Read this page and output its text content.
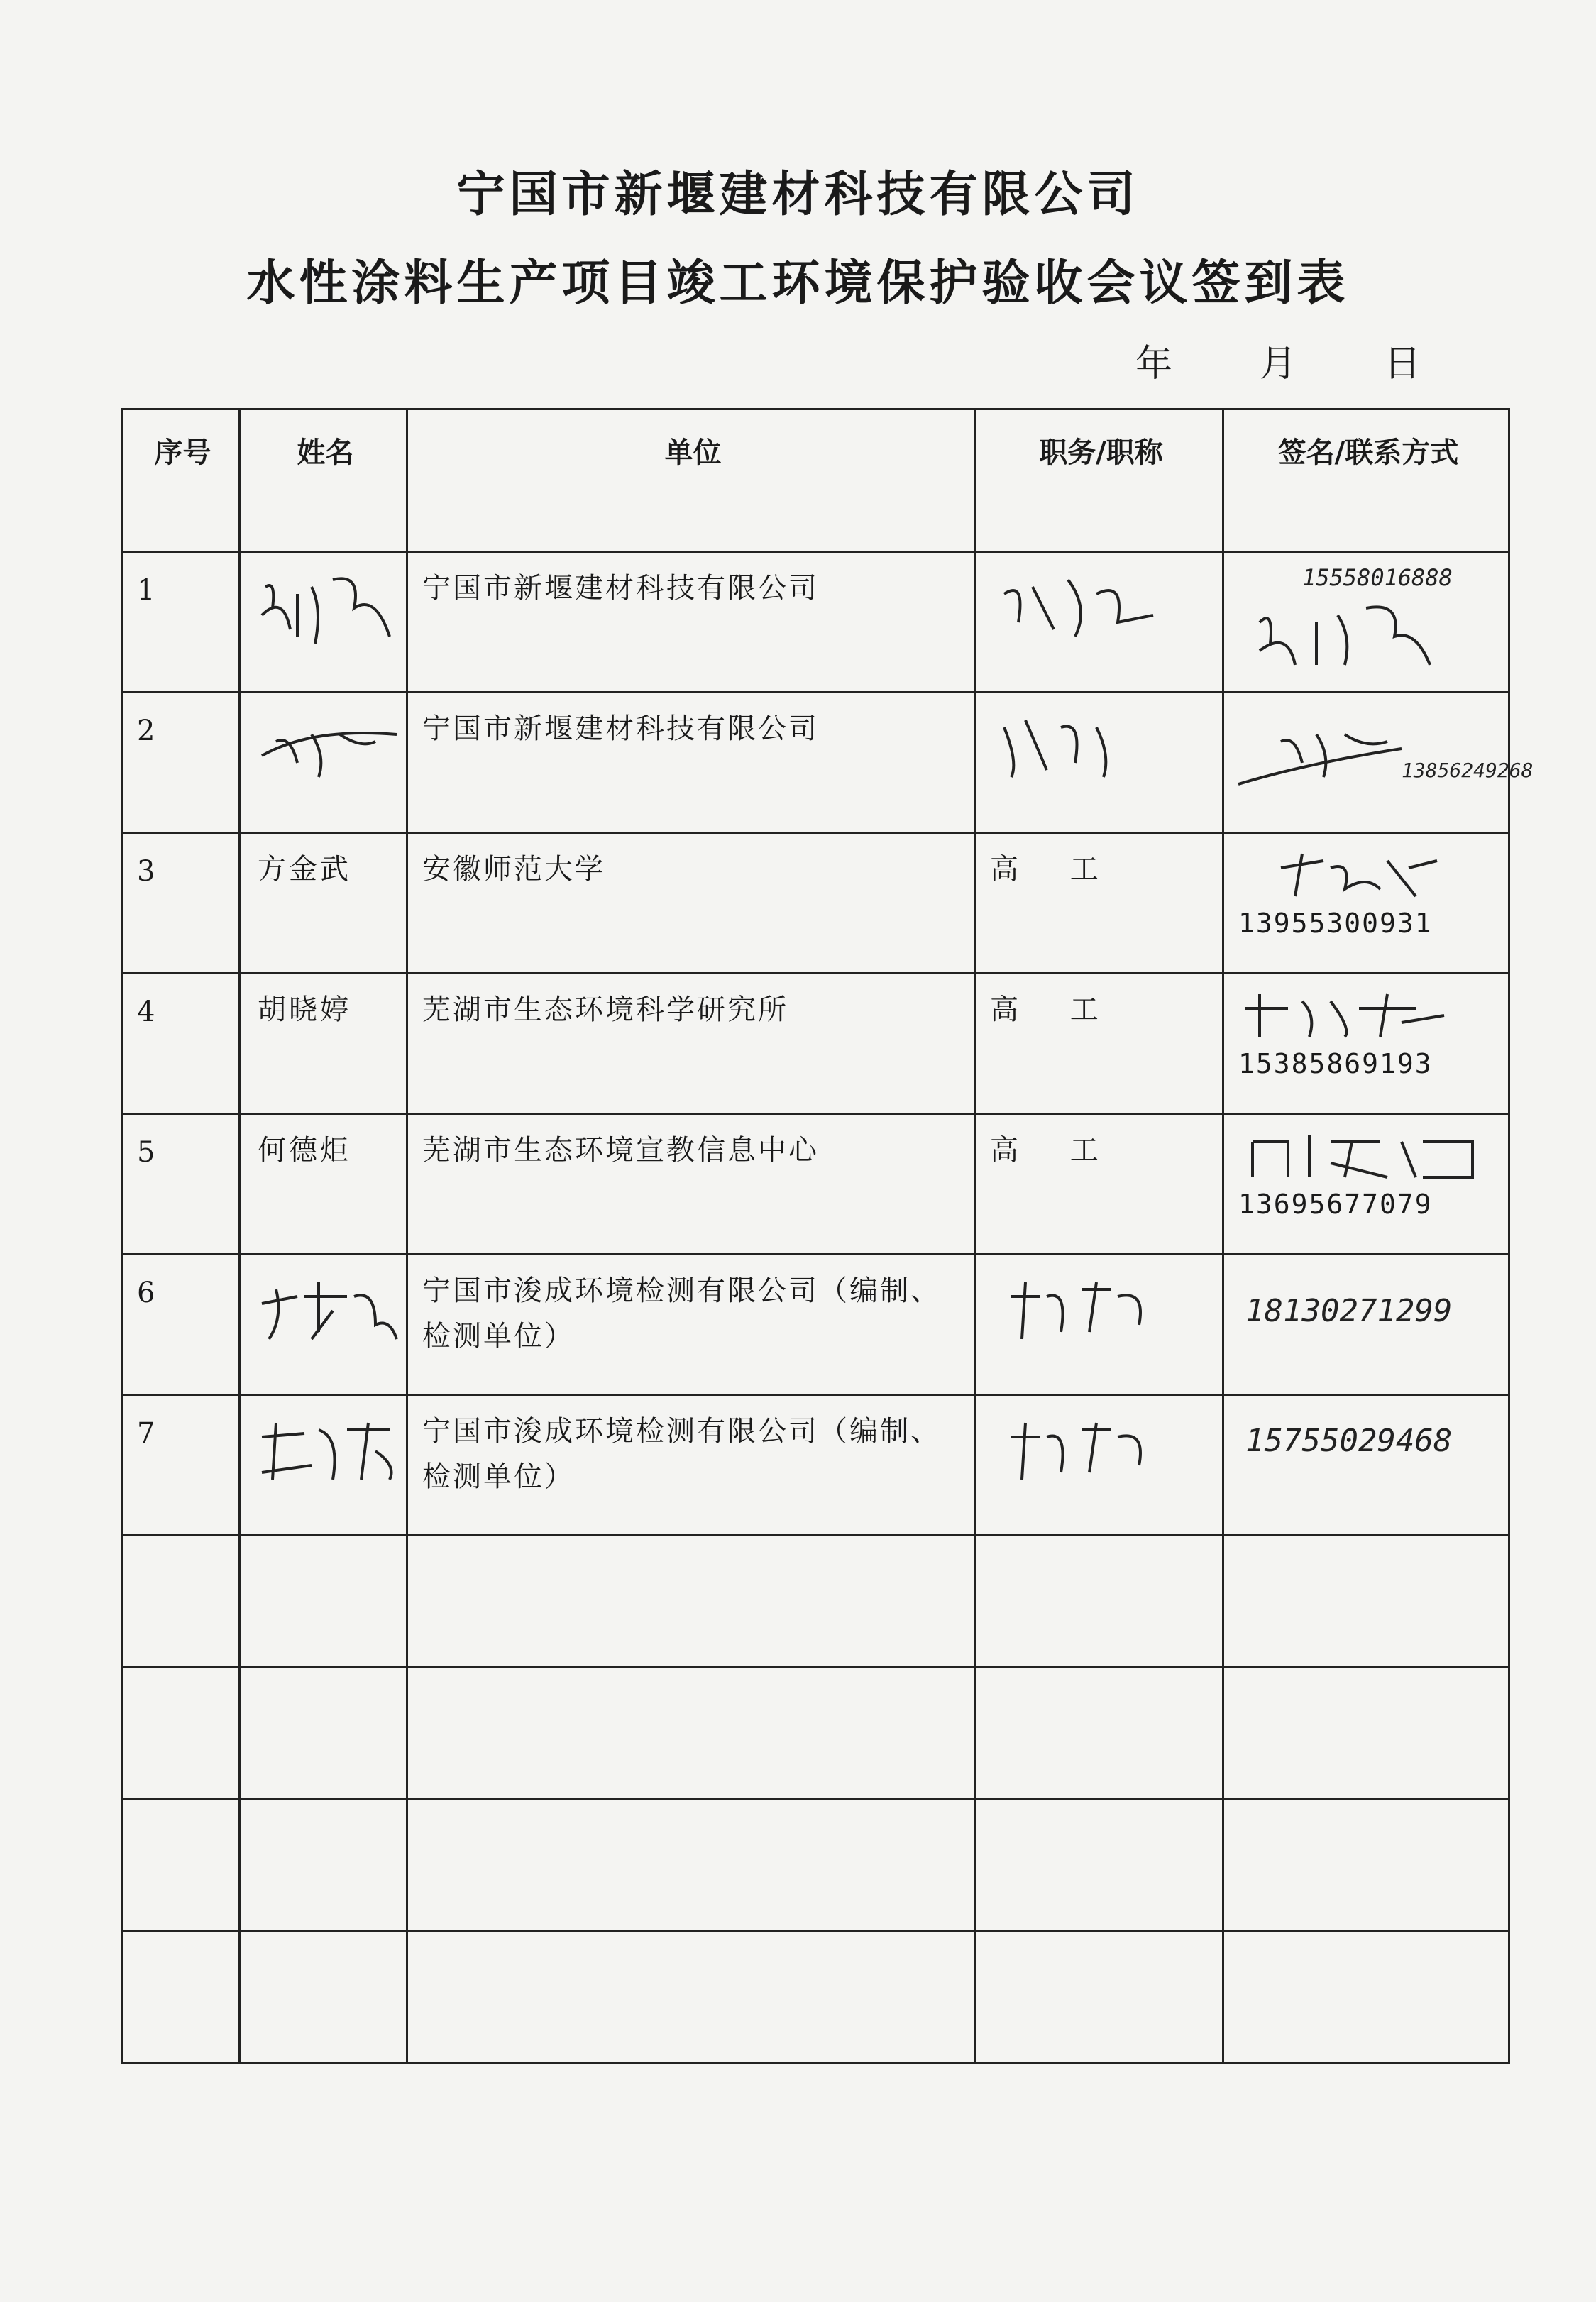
宁国市新堰建材科技有限公司
水性涂料生产项目竣工环境保护验收会议签到表
年 月 日
序号	姓名	单位	职务/职称	签名/联系方式
1		宁国市新堰建材科技有限公司		15558016888

2		宁国市新堰建材科技有限公司		13856249268

3	方金武	安徽师范大学	高 工	13955300931

4	胡晓婷	芜湖市生态环境科学研究所	高 工	15385869193

5	何德炬	芜湖市生态环境宣教信息中心	高 工	13695677079

6		宁国市浚成环境检测有限公司（编制、检测单位）		18130271299

7		宁国市浚成环境检测有限公司（编制、检测单位）		15755029468
